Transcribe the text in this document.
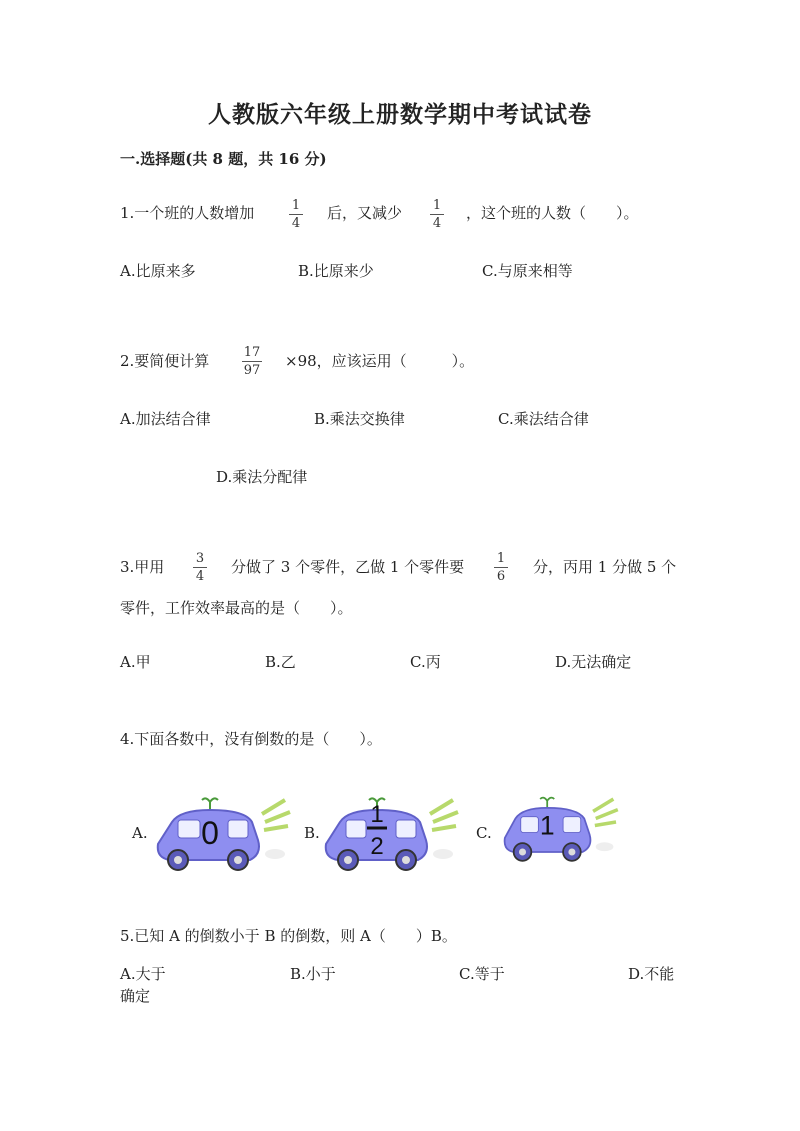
人教版六年级上册数学期中考试试卷
一.选择题(共 8 题，共 16 分)
1.一个班的人数增加	1
4
后，又减少 1
4
，这个班的人数（　　）。
A.比原来多	B.比原来少	C.与原来相等
2.要简便计算	17
97
×98，应该运用（　　　）。
A.加法结合律	B.乘法交换律	C.乘法结合律
D.乘法分配律
3.甲用 3
4
分做了 3 个零件，乙做 1 个零件要	1
6
分，丙用 1 分做 5 个
零件，工作效率最高的是（　　）。
A.甲	B.乙	C.丙	D.无法确定
4.下面各数中，没有倒数的是（　　）。
A. 0	B.
1
2	C. 1
5.已知 A 的倒数小于 B 的倒数，则 A（　　）B。
A.大于	B.小于	C.等于	D.不能
确定
